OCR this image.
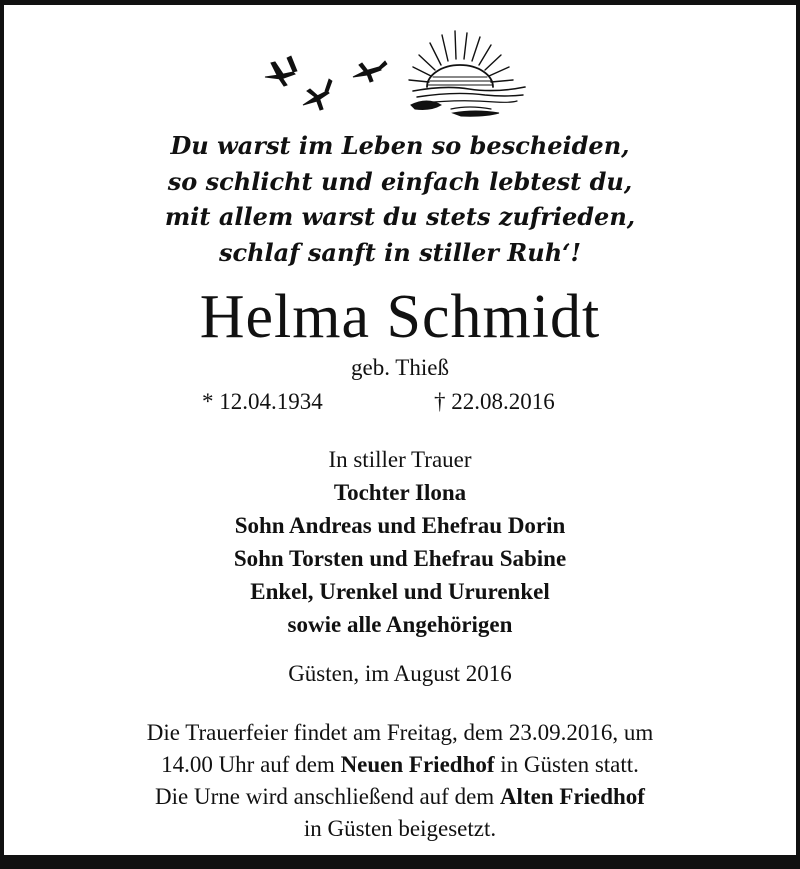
Du warst im Leben so bescheiden,
so schlicht und einfach lebtest du,
mit allem warst du stets zufrieden,
schlaf sanft in stiller Ruh‘!
Helma Schmidt
geb. Thieß
* 12.04.1934	† 22.08.2016
In stiller Trauer
Tochter Ilona
Sohn Andreas und Ehefrau Dorin
Sohn Torsten und Ehefrau Sabine
Enkel, Urenkel und Ururenkel
sowie alle Angehörigen
Güsten, im August 2016
Die Trauerfeier findet am Freitag, dem 23.09.2016, um
14.00 Uhr auf dem Neuen Friedhof in Güsten statt.
Die Urne wird anschließend auf dem Alten Friedhof
in Güsten beigesetzt.
